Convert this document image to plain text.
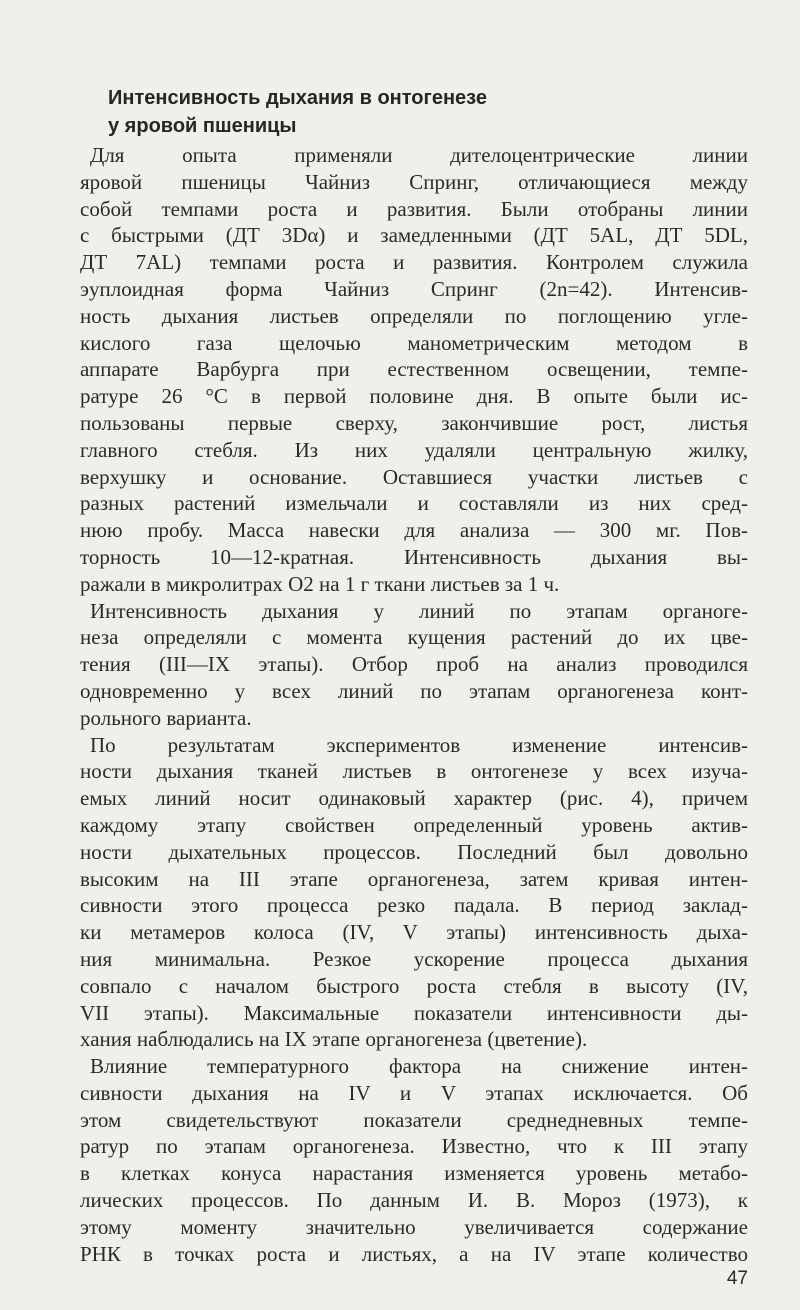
Интенсивность дыхания в онтогенезе
у яровой пшеницы
Для опыта применяли дителоцентрические линии
яровой пшеницы Чайниз Спринг, отличающиеся между
собой темпами роста и развития. Были отобраны линии
с быстрыми (ДТ 3Dα) и замедленными (ДТ 5AL, ДТ 5DL,
ДТ 7AL) темпами роста и развития. Контролем служила
эуплоидная форма Чайниз Спринг (2n=42). Интенсив-
ность дыхания листьев определяли по поглощению угле-
кислого газа щелочью манометрическим методом в
аппарате Варбурга при естественном освещении, темпе-
ратуре 26 °С в первой половине дня. В опыте были ис-
пользованы первые сверху, закончившие рост, листья
главного стебля. Из них удаляли центральную жилку,
верхушку и основание. Оставшиеся участки листьев с
разных растений измельчали и составляли из них сред-
нюю пробу. Масса навески для анализа — 300 мг. Пов-
торность 10—12-кратная. Интенсивность дыхания вы-
ражали в микролитрах O2 на 1 г ткани листьев за 1 ч.
Интенсивность дыхания у линий по этапам органоге-
неза определяли с момента кущения растений до их цве-
тения (III—IX этапы). Отбор проб на анализ проводился
одновременно у всех линий по этапам органогенеза конт-
рольного варианта.
По результатам экспериментов изменение интенсив-
ности дыхания тканей листьев в онтогенезе у всех изуча-
емых линий носит одинаковый характер (рис. 4), причем
каждому этапу свойствен определенный уровень актив-
ности дыхательных процессов. Последний был довольно
высоким на III этапе органогенеза, затем кривая интен-
сивности этого процесса резко падала. В период заклад-
ки метамеров колоса (IV, V этапы) интенсивность дыха-
ния минимальна. Резкое ускорение процесса дыхания
совпало с началом быстрого роста стебля в высоту (IV,
VII этапы). Максимальные показатели интенсивности ды-
хания наблюдались на IX этапе органогенеза (цветение).
Влияние температурного фактора на снижение интен-
сивности дыхания на IV и V этапах исключается. Об
этом свидетельствуют показатели среднедневных темпе-
ратур по этапам органогенеза. Известно, что к III этапу
в клетках конуса нарастания изменяется уровень метабо-
лических процессов. По данным И. В. Мороз (1973), к
этому моменту значительно увеличивается содержание
РНК в точках роста и листьях, а на IV этапе количество
47
